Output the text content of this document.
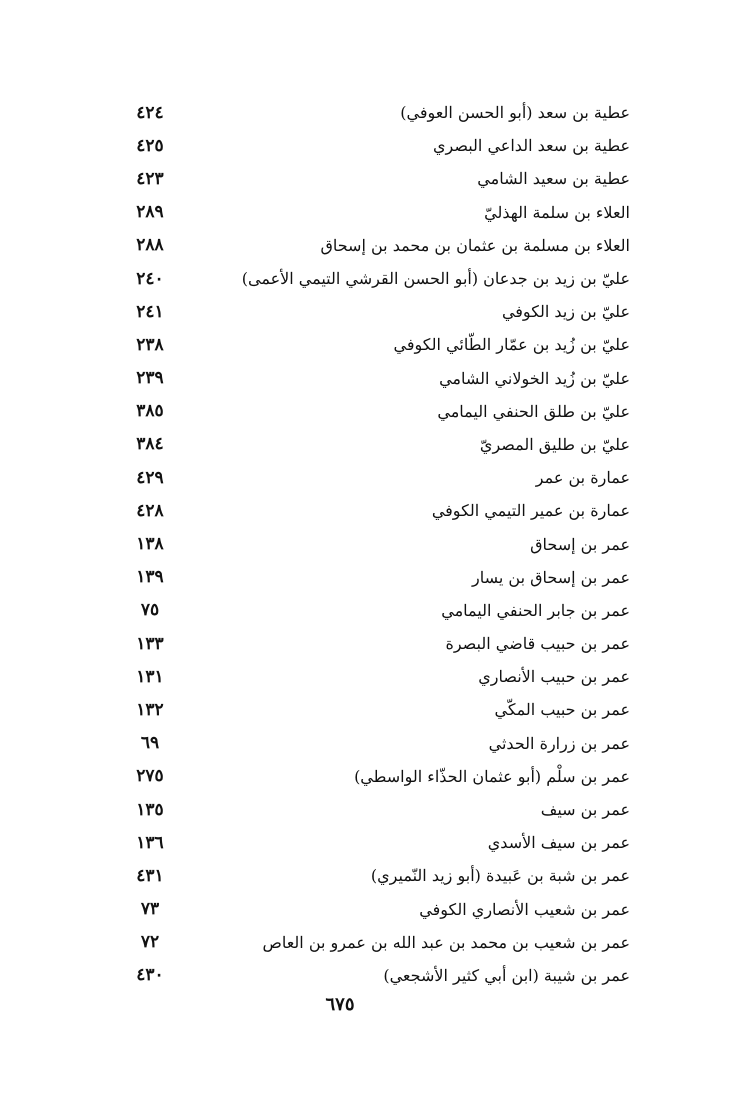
٤٢٤	عطية بن سعد (أبو الحسن العوفي)
٤٢٥	عطية بن سعد الداعي البصري
٤٢٣	عطية بن سعيد الشامي
٢٨٩	العلاء بن سلمة الهذليّ
٢٨٨	العلاء بن مسلمة بن عثمان بن محمد بن إسحاق
٢٤٠	عليّ بن زيد بن جدعان (أبو الحسن القرشي التيمي الأعمى)
٢٤١	عليّ بن زيد الكوفي
٢٣٨	عليّ بن زُيد بن عمّار الطّائي الكوفي
٢٣٩	عليّ بن زُيد الخولاني الشامي
٣٨٥	عليّ بن طلق الحنفي اليمامي
٣٨٤	عليّ بن طليق المصريّ
٤٢٩	عمارة بن عمر
٤٢٨	عمارة بن عمير التيمي الكوفي
١٣٨	عمر بن إسحاق
١٣٩	عمر بن إسحاق بن يسار
٧٥	عمر بن جابر الحنفي اليمامي
١٣٣	عمر بن حبيب قاضي البصرة
١٣١	عمر بن حبيب الأنصاري
١٣٢	عمر بن حبيب المكّي
٦٩	عمر بن زرارة الحدثي
٢٧٥	عمر بن سلْم (أبو عثمان الحذّاء الواسطي)
١٣٥	عمر بن سيف
١٣٦	عمر بن سيف الأسدي
٤٣١	عمر بن شبة بن عَبيدة (أبو زيد النّميري)
٧٣	عمر بن شعيب الأنصاري الكوفي
٧٢	عمر بن شعيب بن محمد بن عبد الله بن عمرو بن العاص
٤٣٠	عمر بن شيبة (ابن أبي كثير الأشجعي)
٦٧٥
